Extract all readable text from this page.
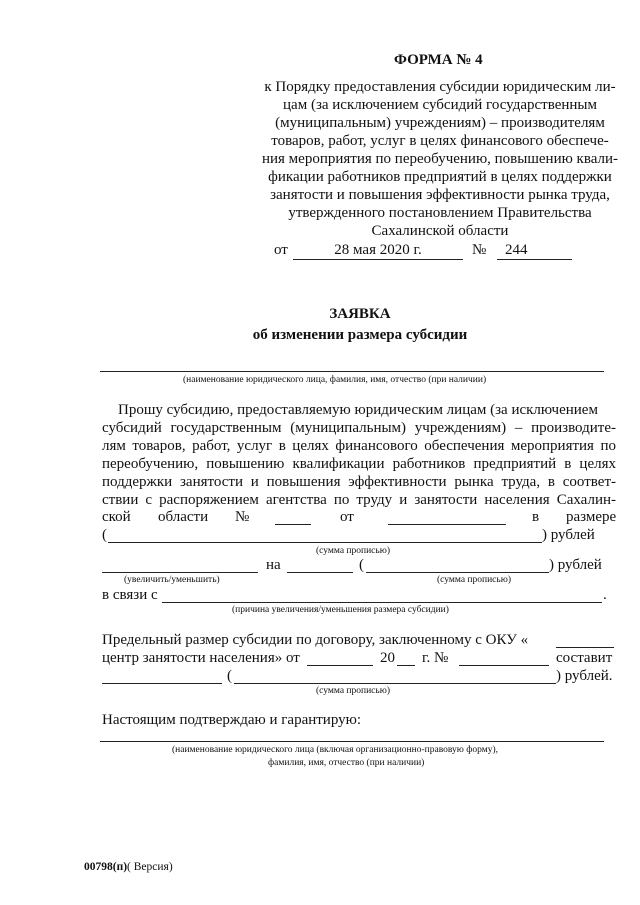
ФОРМА № 4
к Порядку предоставления субсидии юридическим ли-
цам (за исключением субсидий государственным
(муниципальным) учреждениям) – производителям
товаров, работ, услуг в целях финансового обеспече-
ния мероприятия по переобучению, повышению квали-
фикации работников предприятий в целях поддержки
занятости и повышения эффективности рынка труда,
утвержденного постановлением Правительства
Сахалинской области
от	28 мая 2020 г.	№ 244
ЗАЯВКА
об изменении размера субсидии
(наименование юридического лица, фамилия, имя, отчество (при наличии)
Прошу субсидию, предоставляемую юридическим лицам (за исключением
субсидий государственным (муниципальным) учреждениям) – производите-
лям товаров, работ, услуг в целях финансового обеспечения мероприятия по
переобучению, повышению квалификации работников предприятий в целях
поддержки занятости и повышения эффективности рынка труда, в соответ-
ствии с распоряжением агентства по труду и занятости населения Сахалин-
ской области №	от	в размере
(	) рублей
(сумма прописью)
на	(	) рублей
(увеличить/уменьшить)	(сумма прописью)
в связи с	.
(причина увеличения/уменьшения размера субсидии)
Предельный размер субсидии по договору, заключенному с ОКУ «
центр занятости населения» от	20 г. №	составит
(	) рублей.
(сумма прописью)
Настоящим подтверждаю и гарантирую:
(наименование юридического лица (включая организационно-правовую форму),
фамилия, имя, отчество (при наличии)
00798(п)( Версия)
